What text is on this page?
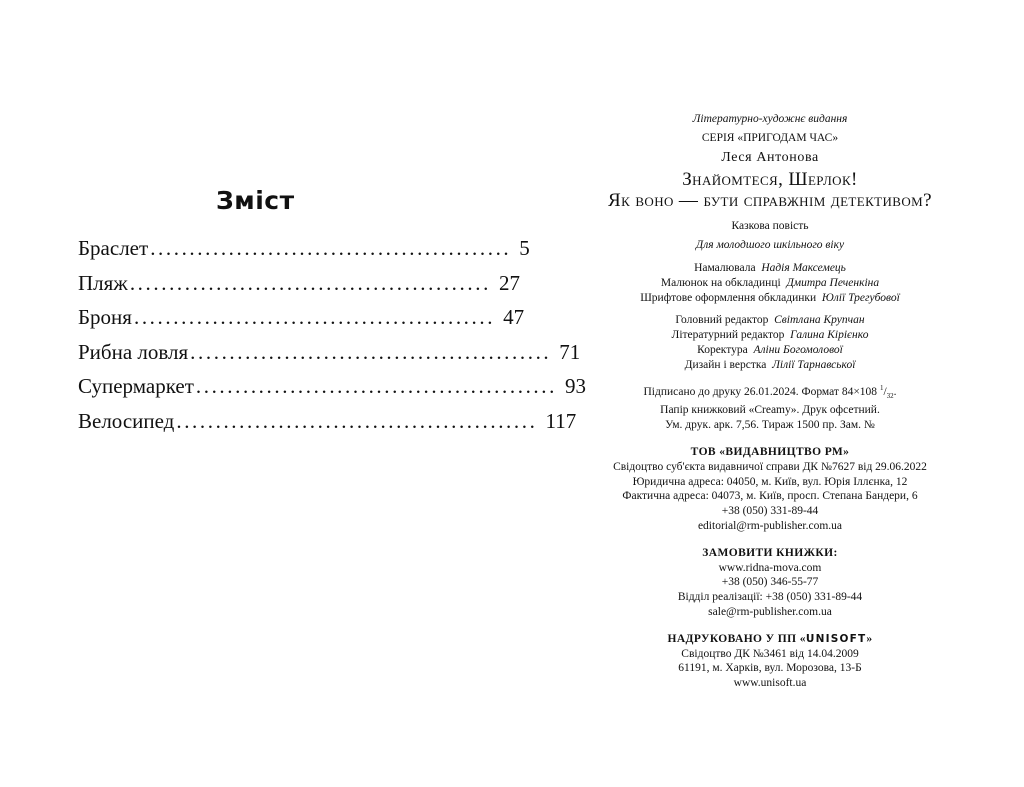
Зміст
Браслет .............................................. 5
Пляж .............................................. 27
Броня .............................................. 47
Рибна ловля .............................................. 71
Супермаркет .............................................. 93
Велосипед .............................................. 117
Літературно-художнє видання
СЕРІЯ «ПРИГОДАМ ЧАС»
Леся Антонова
Знайомтеся, Шерлок!
Як воно — бути справжнім детективом?
Казкова повість
Для молодшого шкільного віку
Намалювала Надія Максемець
Малюнок на обкладинці Дмитра Печенкіна
Шрифтове оформлення обкладинки Юлії Трегубової
Головний редактор Світлана Крупчан
Літературний редактор Галина Кірієнко
Коректура Аліни Богомолової
Дизайн і верстка Лілії Тарнавської
Підписано до друку 26.01.2024. Формат 84×108 $^1/_{32}$.
Папір книжковий «Creamy». Друк офсетний.
Ум. друк. арк. 7,56. Тираж 1500 пр. Зам. №
ТОВ «ВИДАВНИЦТВО РМ»
Свідоцтво суб'єкта видавничої справи ДК №7627 від 29.06.2022
Юридична адреса: 04050, м. Київ, вул. Юрія Іллєнка, 12
Фактична адреса: 04073, м. Київ, просп. Степана Бандери, 6
+38 (050) 331-89-44
editorial@rm-publisher.com.ua
ЗАМОВИТИ КНИЖКИ:
www.ridna-mova.com
+38 (050) 346-55-77
Відділ реалізації: +38 (050) 331-89-44
sale@rm-publisher.com.ua
НАДРУКОВАНО У ПП «UNISOFT»
Свідоцтво ДК №3461 від 14.04.2009
61191, м. Харків, вул. Морозова, 13-Б
www.unisoft.ua
